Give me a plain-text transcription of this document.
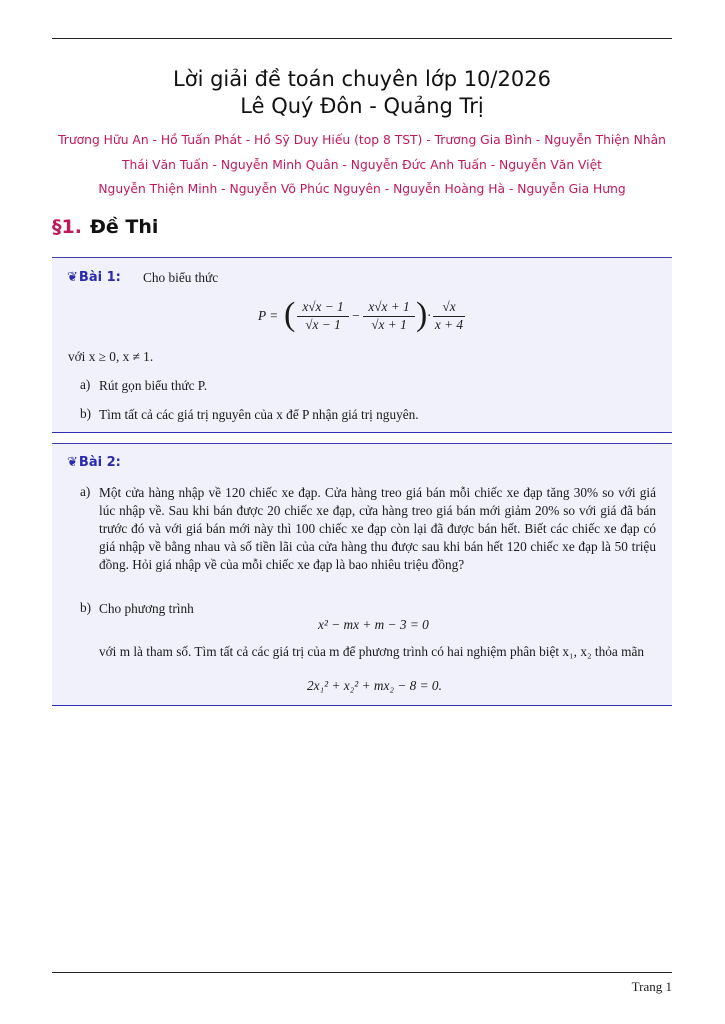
Lời giải đề toán chuyên lớp 10/2026
Lê Quý Đôn - Quảng Trị
Trương Hữu An - Hồ Tuấn Phát - Hồ Sỹ Duy Hiếu (top 8 TST) - Trương Gia Bình - Nguyễn Thiện Nhân
Thái Văn Tuấn - Nguyễn Minh Quân - Nguyễn Đức Anh Tuấn - Nguyễn Văn Việt
Nguyễn Thiện Minh - Nguyễn Võ Phúc Nguyên - Nguyễn Hoàng Hà - Nguyễn Gia Hưng
§1. Đề Thi
❦Bài 1: Cho biểu thức
P = ( $\frac{x√x - 1}{√x - 1} - \frac{x√x + 1}{√x + 1}$ ) · $\frac{√x}{x + 4}$
với x ≥ 0, x ≠ 1.
a) Rút gọn biểu thức P.
b) Tìm tất cả các giá trị nguyên của x để P nhận giá trị nguyên.
❦Bài 2:
a) Một cửa hàng nhập về 120 chiếc xe đạp. Cửa hàng treo giá bán mỗi chiếc xe đạp tăng 30% so với giá lúc nhập về. Sau khi bán được 20 chiếc xe đạp, cửa hàng treo giá bán mới giảm 20% so với giá đã bán trước đó và với giá bán mới này thì 100 chiếc xe đạp còn lại đã được bán hết. Biết các chiếc xe đạp có giá nhập về bằng nhau và số tiền lãi của cửa hàng thu được sau khi bán hết 120 chiếc xe đạp là 50 triệu đồng. Hỏi giá nhập về của mỗi chiếc xe đạp là bao nhiêu triệu đồng?
b) Cho phương trình
x² − mx + m − 3 = 0
với m là tham số. Tìm tất cả các giá trị của m để phương trình có hai nghiệm phân biệt x₁, x₂ thỏa mãn
2x₁² + x₂² + mx₂ − 8 = 0.
Trang 1
